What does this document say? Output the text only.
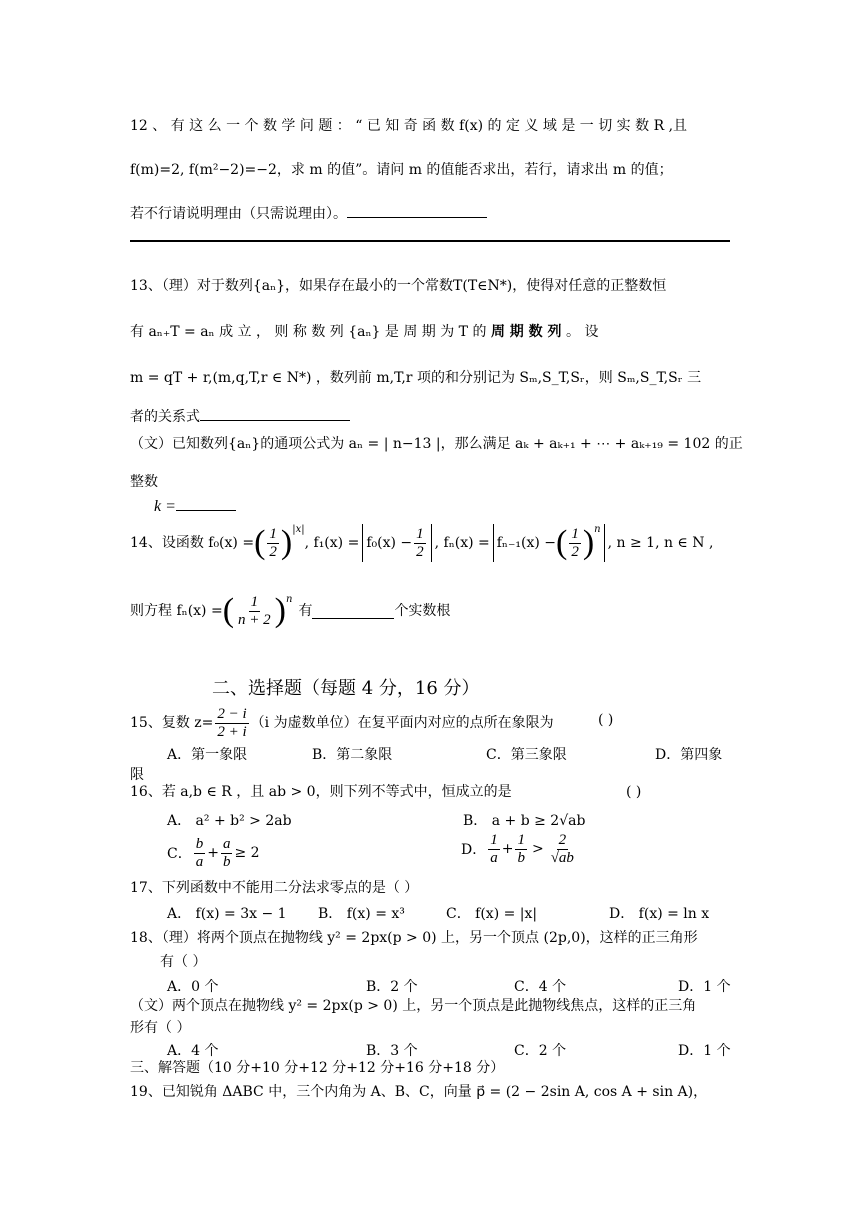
12 、 有 这 么 一 个 数 学 问 题 ： “ 已 知 奇 函 数 f(x) 的 定 义 域 是 一 切 实 数 R ,且
f(m)=2, f(m²−2)=−2，求 m 的值”。请问 m 的值能否求出，若行，请求出 m 的值；
若不行请说明理由（只需说理由）。
13、（理）对于数列{aₙ}，如果存在最小的一个常数T(T∈N*)，使得对任意的正整数恒
有 aₙ₊T = aₙ 成 立 ， 则 称 数 列 {aₙ} 是 周 期 为 T 的 周 期 数 列 。 设
m = qT + r,(m,q,T,r ∈ N*) ，数列前 m,T,r 项的和分别记为 Sₘ,S_T,Sᵣ，则 Sₘ,S_T,Sᵣ 三
者的关系式
（文）已知数列{aₙ}的通项公式为 aₙ = | n−13 |，那么满足 aₖ + aₖ₊₁ + ⋯ + aₖ₊₁₉ = 102 的正
整数
k =
14、设函数 f₀(x) = ( $\frac{1}{2} )^{|x|}$
, $f_1(x) = f_0(x) - \frac{1}{2}$ , fₙ(x) = fₙ₋₁(x) − ( $\frac{1}{2} )^n$
, n ≥ 1, n ∈ N ,
则方程 fₙ(x) = ( $\frac{1}{n + 2} )^n$
有	个实数根
二、选择题（每题 4 分，16 分）
15、复数 $z= \frac{2 - i}{2 + i} (i$ 为虚数单位）在复平面内对应的点所在象限为	( )
A．第一象限	B．第二象限	C．第三象限	D．第四象
限
16、若 a,b ∈ R ，且 ab > 0，则下列不等式中，恒成立的是	( )
A． a² + b² > 2ab	B． a + b ≥ 2√ab
C． $\frac{b}{a} + \frac{a}{b} \ge 2$	D． $\frac{1}{a} + \frac{1}{b} > \frac{2}{√ab}$
17、下列函数中不能用二分法求零点的是（ ）
A． f(x) = 3x − 1 B． f(x) = x³	C． f(x) = |x|	D． f(x) = ln x
18、（理）将两个顶点在抛物线 y² = 2px(p > 0) 上，另一个顶点 (2p,0)，这样的正三角形
有（ ）
A．0 个	B．2 个	C．4 个	D．1 个
（文）两个顶点在抛物线 y² = 2px(p > 0) 上，另一个顶点是此抛物线焦点，这样的正三角
形有（ ）
A．4 个	B．3 个	C．2 个	D．1 个
三、解答题（10 分+10 分+12 分+12 分+16 分+18 分）
19、已知锐角 ΔABC 中，三个内角为 A、B、C，向量 p⃗ = (2 − 2sin A, cos A + sin A)，
